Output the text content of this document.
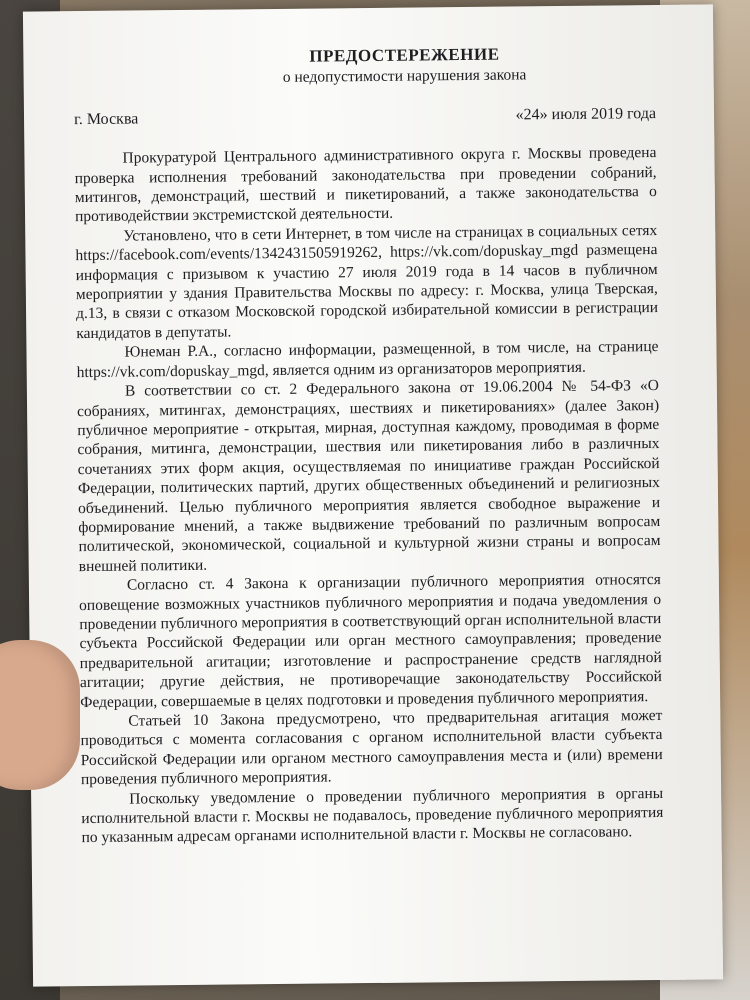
ПРЕДОСТЕРЕЖЕНИЕ
о недопустимости нарушения закона
г. Москва	«24» июля 2019 года

Прокуратурой Центрального административного округа г. Москвы проведена проверка исполнения требований законодательства при проведении собраний, митингов, демонстраций, шествий и пикетирований, а также законодательства о противодействии экстремистской деятельности.

Установлено, что в сети Интернет, в том числе на страницах в социальных сетях https://facebook.com/events/1342431505919262, https://vk.com/dopuskay_mgd размещена информация с призывом к участию 27 июля 2019 года в 14 часов в публичном мероприятии у здания Правительства Москвы по адресу: г. Москва, улица Тверская, д.13, в связи с отказом Московской городской избирательной комиссии в регистрации кандидатов в депутаты.

Юнеман Р.А., согласно информации, размещенной, в том числе, на странице https://vk.com/dopuskay_mgd, является одним из организаторов мероприятия.

В соответствии со ст. 2 Федерального закона от 19.06.2004 № 54-ФЗ «О собраниях, митингах, демонстрациях, шествиях и пикетированиях» (далее Закон) публичное мероприятие - открытая, мирная, доступная каждому, проводимая в форме собрания, митинга, демонстрации, шествия или пикетирования либо в различных сочетаниях этих форм акция, осуществляемая по инициативе граждан Российской Федерации, политических партий, других общественных объединений и религиозных объединений. Целью публичного мероприятия является свободное выражение и формирование мнений, а также выдвижение требований по различным вопросам политической, экономической, социальной и культурной жизни страны и вопросам внешней политики.

Согласно ст. 4 Закона к организации публичного мероприятия относятся оповещение возможных участников публичного мероприятия и подача уведомления о проведении публичного мероприятия в соответствующий орган исполнительной власти субъекта Российской Федерации или орган местного самоуправления; проведение предварительной агитации; изготовление и распространение средств наглядной агитации; другие действия, не противоречащие законодательству Российской Федерации, совершаемые в целях подготовки и проведения публичного мероприятия.

Статьей 10 Закона предусмотрено, что предварительная агитация может проводиться с момента согласования с органом исполнительной власти субъекта Российской Федерации или органом местного самоуправления места и (или) времени проведения публичного мероприятия.

Поскольку уведомление о проведении публичного мероприятия в органы исполнительной власти г. Москвы не подавалось, проведение публичного мероприятия по указанным адресам органами исполнительной власти г. Москвы не согласовано.
